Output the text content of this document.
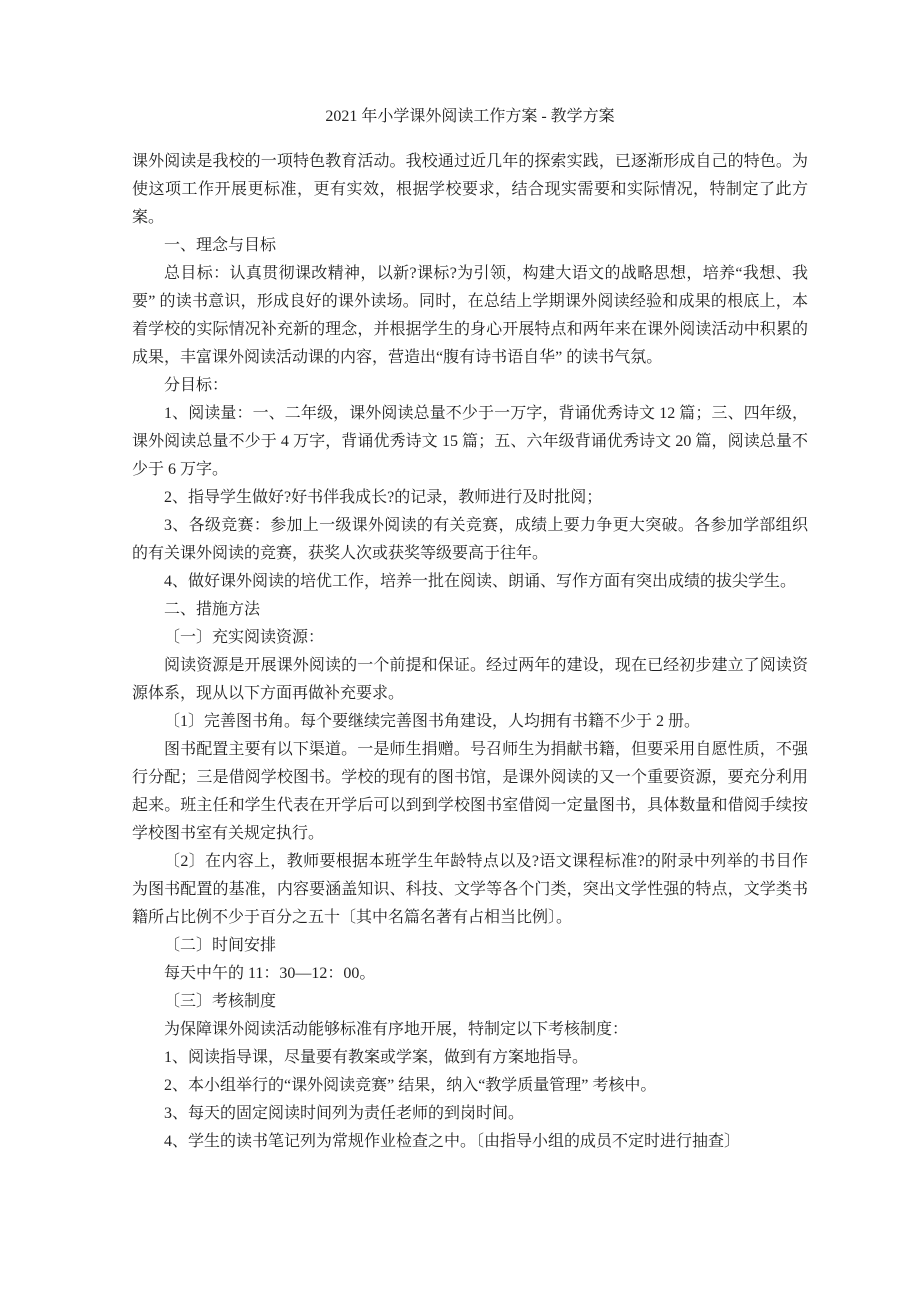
2021 年小学课外阅读工作方案 - 教学方案

课外阅读是我校的一项特色教育活动。我校通过近几年的探索实践，已逐渐形成自己的特色。为使这项工作开展更标准，更有实效，根据学校要求，结合现实需要和实际情况，特制定了此方案。

一、理念与目标

总目标：认真贯彻课改精神，以新?课标?为引领，构建大语文的战略思想，培养“我想、我要” 的读书意识，形成良好的课外读场。同时，在总结上学期课外阅读经验和成果的根底上，本着学校的实际情况补充新的理念，并根据学生的身心开展特点和两年来在课外阅读活动中积累的成果，丰富课外阅读活动课的内容，营造出“腹有诗书语自华” 的读书气氛。

分目标：

1、阅读量：一、二年级，课外阅读总量不少于一万字，背诵优秀诗文 12 篇；三、四年级，课外阅读总量不少于 4 万字，背诵优秀诗文 15 篇；五、六年级背诵优秀诗文 20 篇，阅读总量不少于 6 万字。

2、指导学生做好?好书伴我成长?的记录，教师进行及时批阅；

3、各级竞赛：参加上一级课外阅读的有关竞赛，成绩上要力争更大突破。各参加学部组织的有关课外阅读的竞赛，获奖人次或获奖等级要高于往年。

4、做好课外阅读的培优工作，培养一批在阅读、朗诵、写作方面有突出成绩的拔尖学生。

二、措施方法

〔一〕充实阅读资源：

阅读资源是开展课外阅读的一个前提和保证。经过两年的建设，现在已经初步建立了阅读资源体系，现从以下方面再做补充要求。

〔1〕完善图书角。每个要继续完善图书角建设，人均拥有书籍不少于 2 册。

图书配置主要有以下渠道。一是师生捐赠。号召师生为捐献书籍，但要采用自愿性质，不强行分配；三是借阅学校图书。学校的现有的图书馆，是课外阅读的又一个重要资源，要充分利用起来。班主任和学生代表在开学后可以到到学校图书室借阅一定量图书，具体数量和借阅手续按学校图书室有关规定执行。

〔2〕在内容上，教师要根据本班学生年龄特点以及?语文课程标准?的附录中列举的书目作为图书配置的基准，内容要涵盖知识、科技、文学等各个门类，突出文学性强的特点，文学类书籍所占比例不少于百分之五十〔其中名篇名著有占相当比例〕。

〔二〕时间安排

每天中午的 11：30—12：00。

〔三〕考核制度

为保障课外阅读活动能够标准有序地开展，特制定以下考核制度：

1、阅读指导课，尽量要有教案或学案，做到有方案地指导。

2、本小组举行的“课外阅读竞赛” 结果，纳入“教学质量管理” 考核中。

3、每天的固定阅读时间列为责任老师的到岗时间。

4、学生的读书笔记列为常规作业检查之中。〔由指导小组的成员不定时进行抽查〕
